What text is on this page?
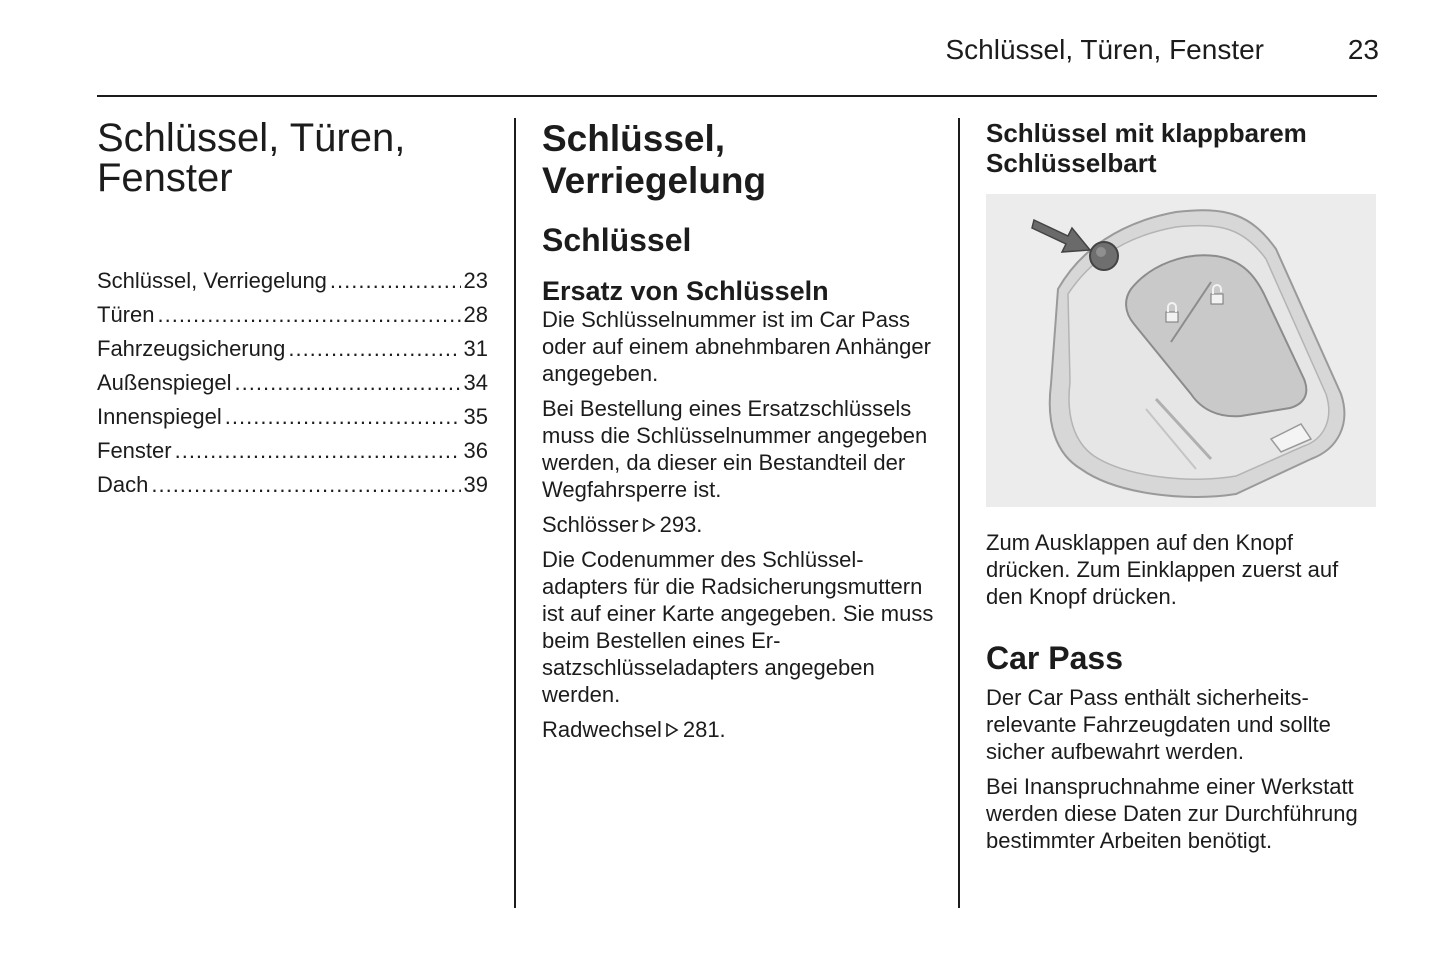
Schlüssel, Türen, Fenster	23
Schlüssel, Türen, Fenster
Schlüssel, Verriegelung .....	23
Türen .....	28
Fahrzeugsicherung .....	31
Außenspiegel .....	34
Innenspiegel .....	35
Fenster .....	36
Dach .....	39
Schlüssel, Verriegelung
Schlüssel
Ersatz von Schlüsseln

Die Schlüsselnummer ist im Car Pass oder auf einem abnehmbaren Anhänger angegeben.

Bei Bestellung eines Ersatzschlüssels muss die Schlüsselnummer angegeben werden, da dieser ein Bestandteil der Wegfahrsperre ist.

Schlösser 293.

Die Codenummer des Schlüsseladapters für die Radsicherungsmuttern ist auf einer Karte angegeben. Sie muss beim Bestellen eines Ersatzschlüsseladapters angegeben werden.

Radwechsel 281.

Schlüssel mit klappbarem Schlüsselbart

Zum Ausklappen auf den Knopf drücken. Zum Einklappen zuerst auf den Knopf drücken.

Car Pass

Der Car Pass enthält sicherheitsrelevante Fahrzeugdaten und sollte sicher aufbewahrt werden.

Bei Inanspruchnahme einer Werkstatt werden diese Daten zur Durchführung bestimmter Arbeiten benötigt.
